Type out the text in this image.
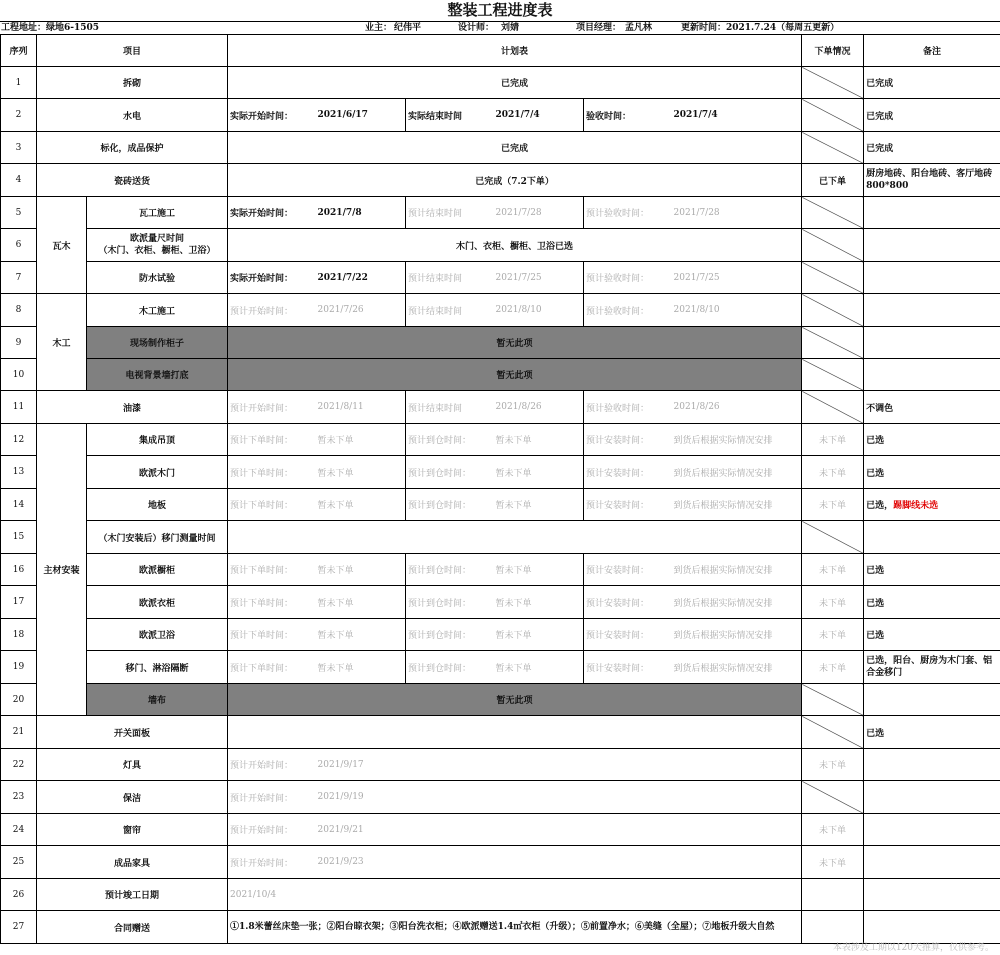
整装工程进度表
工程地址：绿地6-1505	业主： 纪伟平	设计师： 刘婧	项目经理： 孟凡林	更新时间：2021.7.24（每周五更新）
序列	项目		计划表						下单情况	备注
1	拆砌		已完成							已完成
2	水电		实际开始时间：	2021/6/17	实际结束时间	2021/7/4	验收时间：	2021/7/4		已完成
3	标化，成品保护		已完成							已完成
4	瓷砖送货		已完成（7.2下单）						已下单	厨房地砖、阳台地砖、客厅地砖800*800
5	瓦木	瓦工施工	实际开始时间：	2021/7/8	预计结束时间	2021/7/28	预计验收时间：	2021/7/28		
6		欧派量尺时间
（木门、衣柜、橱柜、卫浴）	木门、衣柜、橱柜、卫浴已选							
7		防水试验	实际开始时间：	2021/7/22	预计结束时间	2021/7/25	预计验收时间：	2021/7/25		
8	木工	木工施工	预计开始时间：	2021/7/26	预计结束时间	2021/8/10	预计验收时间：	2021/8/10		
9		现场制作柜子	暂无此项							
10		电视背景墙打底	暂无此项							
11	油漆		预计开始时间：	2021/8/11	预计结束时间	2021/8/26	预计验收时间：	2021/8/26		不调色
12	主材安装	集成吊顶	预计下单时间：	暂未下单	预计到仓时间：	暂未下单	预计安装时间：	到货后根据实际情况安排	未下单	已选
13		欧派木门	预计下单时间：	暂未下单	预计到仓时间：	暂未下单	预计安装时间：	到货后根据实际情况安排	未下单	已选
14		地板	预计下单时间：	暂未下单	预计到仓时间：	暂未下单	预计安装时间：	到货后根据实际情况安排	未下单	已选，踢脚线未选
15		（木门安装后）移门测量时间								
16		欧派橱柜	预计下单时间：	暂未下单	预计到仓时间：	暂未下单	预计安装时间：	到货后根据实际情况安排	未下单	已选
17		欧派衣柜	预计下单时间：	暂未下单	预计到仓时间：	暂未下单	预计安装时间：	到货后根据实际情况安排	未下单	已选
18		欧派卫浴	预计下单时间：	暂未下单	预计到仓时间：	暂未下单	预计安装时间：	到货后根据实际情况安排	未下单	已选
19		移门、淋浴隔断	预计下单时间：	暂未下单	预计到仓时间：	暂未下单	预计安装时间：	到货后根据实际情况安排	未下单	已选，阳台、厨房为木门套、铝合金移门
20		墙布	暂无此项							
21	开关面板									已选
22	灯具		预计开始时间：	2021/9/17					未下单	
23	保洁		预计开始时间：	2021/9/19						
24	窗帘		预计开始时间：	2021/9/21					未下单	
25	成品家具		预计开始时间：	2021/9/23					未下单	
26	预计竣工日期		2021/10/4							
27	合同赠送		①1.8米蕾丝床垫一张；②阳台晾衣架；③阳台洗衣柜；④欧派赠送1.4㎡衣柜（升级）；⑤前置净水；⑥美缝（全屋）；⑦地板升级大自然							
本表涉及工期以120天推算，仅供参考。
